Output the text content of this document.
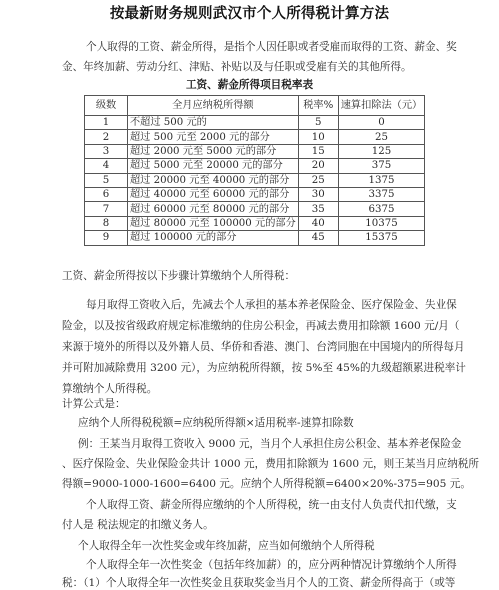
按最新财务规则武汉市个人所得税计算方法
个人取得的工资、薪金所得，是指个人因任职或者受雇而取得的工资、薪金、奖
金、年终加薪、劳动分红、津贴、补贴以及与任职或受雇有关的其他所得。
工资、薪金所得项目税率表
级数	全月应纳税所得额	税率%	速算扣除法（元）
1	不超过 500 元的	5	0
2	超过 500 元至 2000 元的部分	10	25
3	超过 2000 元至 5000 元的部分	15	125
4	超过 5000 元至 20000 元的部分	20	375
5	超过 20000 元至 40000 元的部分	25	1375
6	超过 40000 元至 60000 元的部分	30	3375
7	超过 60000 元至 80000 元的部分	35	6375
8	超过 80000 元至 100000 元的部分	40	10375
9	超过 100000 元的部分	45	15375
工资、薪金所得按以下步骤计算缴纳个人所得税：
每月取得工资收入后，先减去个人承担的基本养老保险金、医疗保险金、失业保
险金，以及按省级政府规定标准缴纳的住房公积金，再减去费用扣除额 1600 元/月（
来源于境外的所得以及外籍人员、华侨和香港、澳门、台湾同胞在中国境内的所得每月
并可附加减除费用 3200 元），为应纳税所得额，按 5%至 45%的九级超额累进税率计
算缴纳个人所得税。
计算公式是：
应纳个人所得税税额=应纳税所得额×适用税率-速算扣除数
例：王某当月取得工资收入 9000 元，当月个人承担住房公积金、基本养老保险金
、医疗保险金、失业保险金共计 1000 元，费用扣除额为 1600 元，则王某当月应纳税所
得额=9000-1000-1600=6400 元。应纳个人所得税额=6400×20%-375=905 元。
个人取得工资、薪金所得应缴纳的个人所得税，统一由支付人负责代扣代缴，支
付人是 税法规定的扣缴义务人。
个人取得全年一次性奖金或年终加薪，应当如何缴纳个人所得税
个人取得全年一次性奖金（包括年终加薪）的，应分两种情况计算缴纳个人所得
税：（1）个人取得全年一次性奖金且获取奖金当月个人的工资、薪金所得高于（或等
